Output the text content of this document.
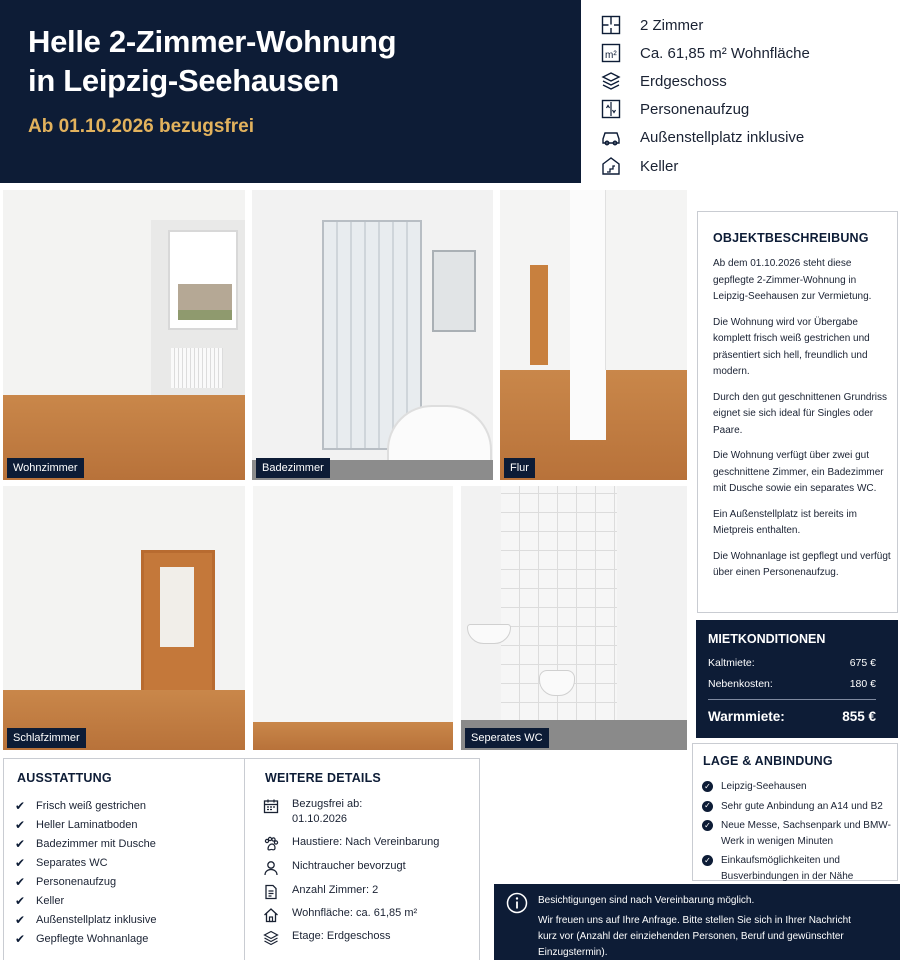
Helle 2-Zimmer-Wohnung
in Leipzig-Seehausen
Ab 01.10.2026 bezugsfrei
2 Zimmer
m² Ca. 61,85 m² Wohnfläche
Erdgeschoss
Personenaufzug
Außenstellplatz inklusive
Keller
Wohnzimmer	Badezimmer	Flur
Schlafzimmer	Seperates WC
OBJEKTBESCHREIBUNG

Ab dem 01.10.2026 steht diese gepflegte 2-Zimmer-Wohnung in Leipzig-Seehausen zur Vermietung.

Die Wohnung wird vor Übergabe komplett frisch weiß gestrichen und präsentiert sich hell, freundlich und modern.

Durch den gut geschnittenen Grundriss eignet sie sich ideal für Singles oder Paare.

Die Wohnung verfügt über zwei gut geschnittene Zimmer, ein Badezimmer mit Dusche sowie ein separates WC.

Ein Außenstellplatz ist bereits im Mietpreis enthalten.

Die Wohnanlage ist gepflegt und verfügt über einen Personenaufzug.

MIETKONDITIONEN
Kaltmiete:	675 €
Nebenkosten:	180 €
Warmmiete:	855 €
LAGE & ANBINDUNG
✓ Leipzig-Seehausen
✓ Sehr gute Anbindung an A14 und B2
✓ Neue Messe, Sachsenpark und BMW-Werk in wenigen Minuten
✓ Einkaufsmöglichkeiten und Busverbindungen in der Nähe
AUSSTATTUNG
✔ Frisch weiß gestrichen
✔ Heller Laminatboden
✔ Badezimmer mit Dusche
✔ Separates WC
✔ Personenaufzug
✔ Keller
✔ Außenstellplatz inklusive
✔ Gepflegte Wohnanlage
WEITERE DETAILS
Bezugsfrei ab:
01.10.2026
Haustiere: Nach Vereinbarung
Nichtraucher bevorzugt
Anzahl Zimmer: 2
Wohnfläche: ca. 61,85 m²
Etage: Erdgeschoss

Besichtigungen sind nach Vereinbarung möglich.

Wir freuen uns auf Ihre Anfrage. Bitte stellen Sie sich in Ihrer Nachricht

kurz vor (Anzahl der einziehenden Personen, Beruf und gewünschter

Einzugstermin).
